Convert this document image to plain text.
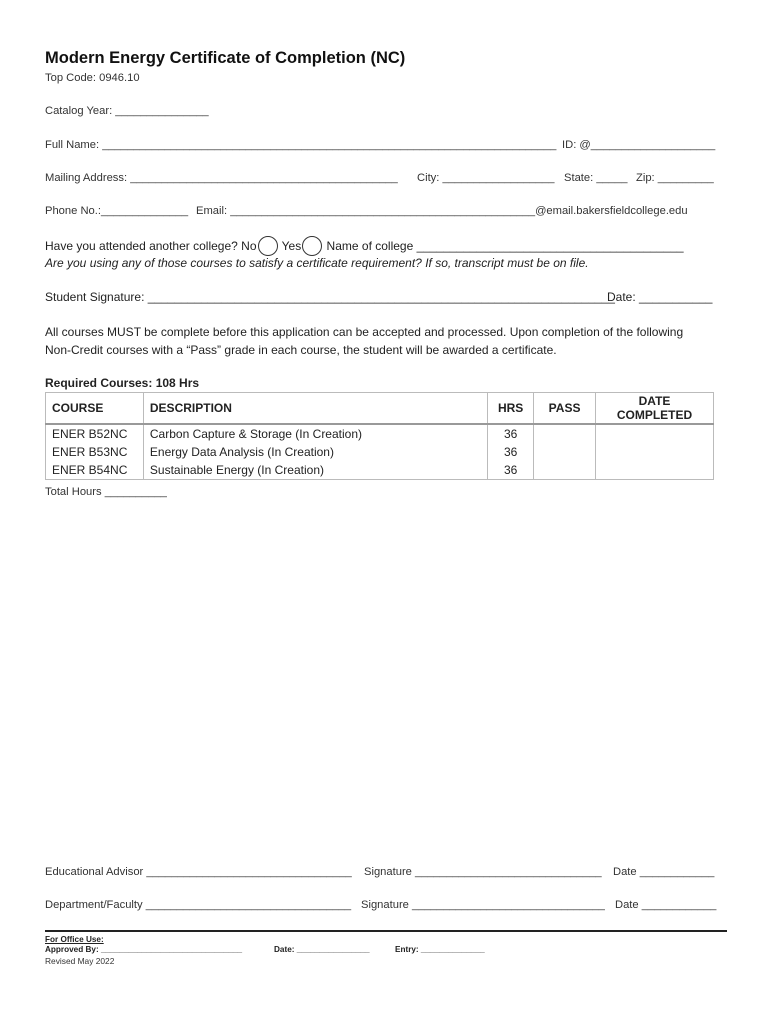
Modern Energy Certificate of Completion (NC)
Top Code: 0946.10
Catalog Year: _______________
Full Name: _________________________________________________________________________ ID: @____________________
Mailing Address: ___________________________________________ City: __________________ State: _____ Zip: _________
Phone No.:______________ Email: _________________________________________________@email.bakersfieldcollege.edu
Have you attended another college? No Yes Name of college ________________________________________
Are you using any of those courses to satisfy a certificate requirement? If so, transcript must be on file.
Student Signature: ______________________________________________________________________
Date: ___________
All courses MUST be complete before this application can be accepted and processed. Upon completion of the following
Non-Credit courses with a “Pass” grade in each course, the student will be awarded a certificate.
Required Courses: 108 Hrs
COURSE	DESCRIPTION	HRS	PASS	DATE COMPLETED
ENER B52NC	Carbon Capture & Storage (In Creation)	36		
ENER B53NC	Energy Data Analysis (In Creation)	36		
ENER B54NC	Sustainable Energy (In Creation)	36		
Total Hours __________
Educational Advisor _________________________________ Signature ______________________________ Date ____________
Department/Faculty _________________________________ Signature _______________________________ Date ____________
For Office Use:
Approved By: _______________________________	Date: ________________	Entry: ______________
Revised May 2022
